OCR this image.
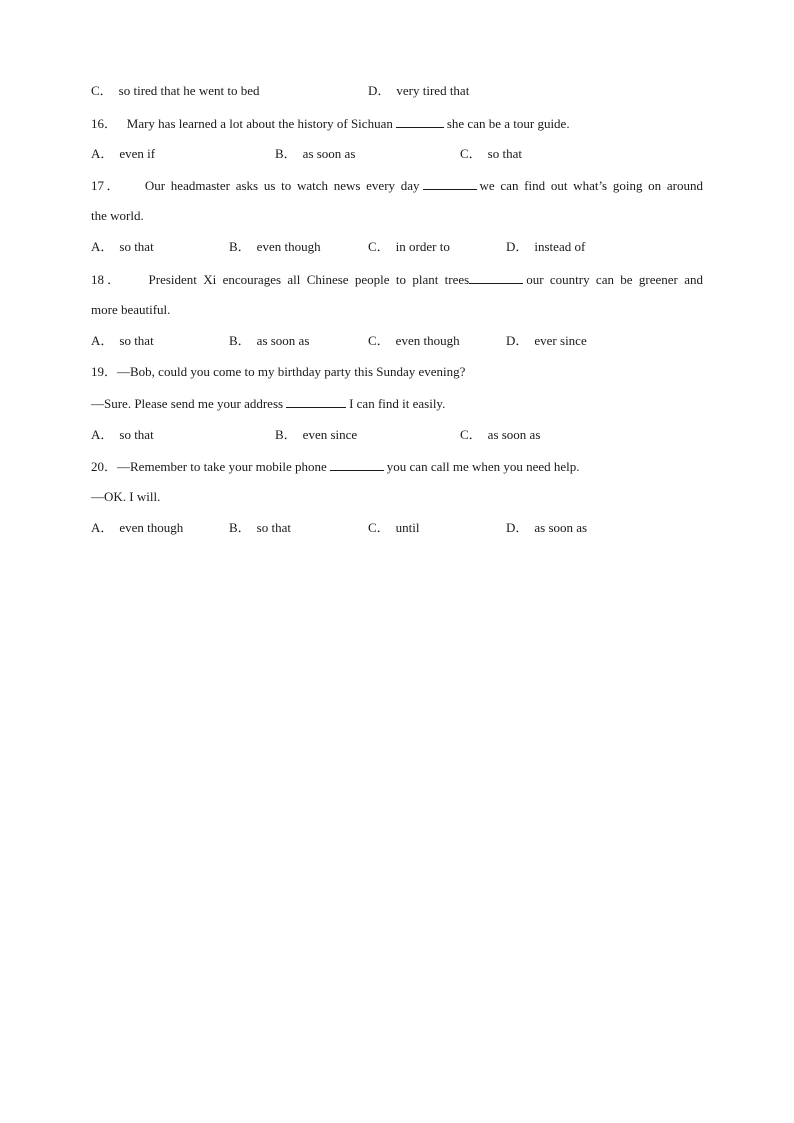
C． so tired that he went to bed	D． very tired that
16． Mary has learned a lot about the history of Sichuan	she can be a tour guide.
A． even if	B． as soon as	C． so that
17． Our headmaster asks us to watch news every day	we can find out what’s going on around
the world.
A． so that	B． even though	C． in order to	D． instead of
18． President Xi encourages all Chinese people to plant trees	our country can be greener and
more beautiful.
A． so that	B． as soon as	C． even though	D． ever since
19．—Bob, could you come to my birthday party this Sunday evening?
—Sure. Please send me your address	I can find it easily.
A． so that	B． even since	C． as soon as
20．—Remember to take your mobile phone	you can call me when you need help.
—OK. I will.
A． even though	B． so that	C． until	D． as soon as
